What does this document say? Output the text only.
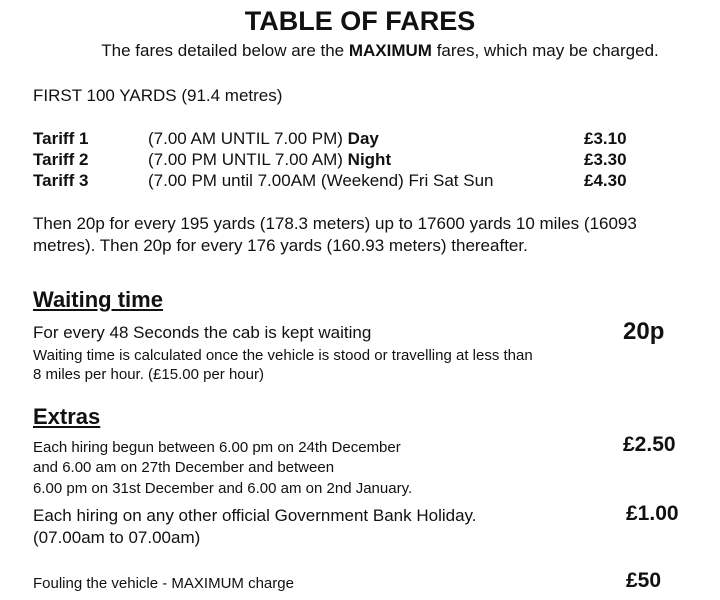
TABLE OF FARES
The fares detailed below are the MAXIMUM fares, which may be charged.
FIRST 100 YARDS (91.4 metres)
Tariff 1	(7.00 AM UNTIL 7.00 PM) Day	£3.10
Tariff 2	(7.00 PM UNTIL 7.00 AM) Night	£3.30
Tariff 3	(7.00 PM until 7.00AM (Weekend) Fri Sat Sun	£4.30
Then 20p for every 195 yards (178.3 meters) up to 17600 yards 10 miles (16093
metres). Then 20p for every 176 yards (160.93 meters) thereafter.
Waiting time
For every 48 Seconds the cab is kept waiting	20p
Waiting time is calculated once the vehicle is stood or travelling at less than
8 miles per hour. (£15.00 per hour)
Extras
Each hiring begun between 6.00 pm on 24th December
and 6.00 am on 27th December and between
6.00 pm on 31st December and 6.00 am on 2nd January.
£2.50
Each hiring on any other official Government Bank Holiday.
(07.00am to 07.00am)
£1.00
Fouling the vehicle - MAXIMUM charge	£50
